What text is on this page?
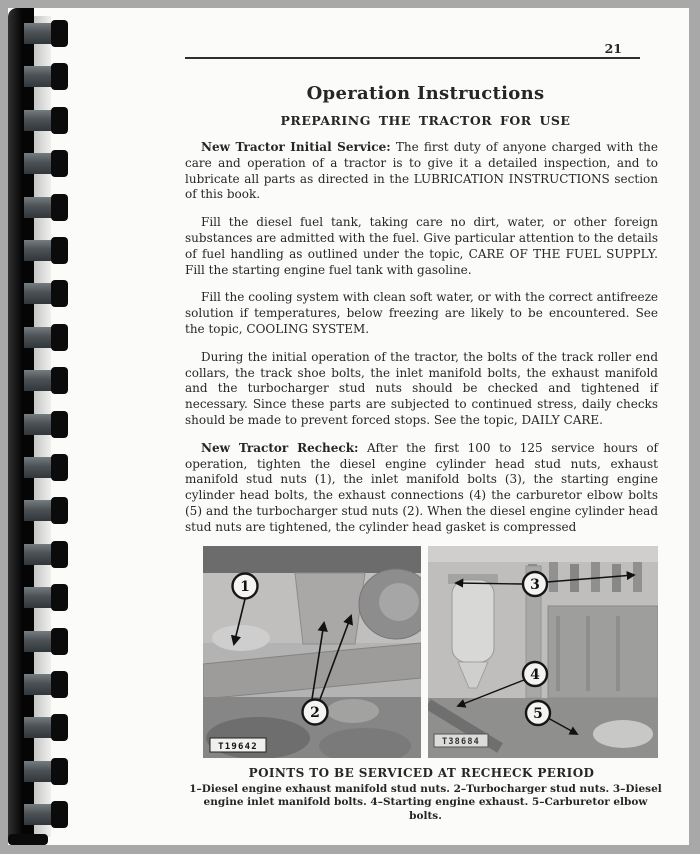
21
Operation Instructions
PREPARING THE TRACTOR FOR USE

New Tractor Initial Service: The first duty of anyone charged with the care and operation of a tractor is to give it a detailed inspection, and to lubricate all parts as directed in the LUBRICATION INSTRUCTIONS section of this book.

Fill the diesel fuel tank, taking care no dirt, water, or other foreign substances are admitted with the fuel. Give particular attention to the details of fuel handling as outlined under the topic, CARE OF THE FUEL SUPPLY. Fill the starting engine fuel tank with gasoline.

Fill the cooling system with clean soft water, or with the correct antifreeze solution if temperatures, below freezing are likely to be encountered. See the topic, COOLING SYSTEM.

During the initial operation of the tractor, the bolts of the track roller end collars, the track shoe bolts, the inlet manifold bolts, the exhaust manifold and the turbocharger stud nuts should be checked and tightened if necessary. Since these parts are subjected to continued stress, daily checks should be made to prevent forced stops. See the topic, DAILY CARE.

New Tractor Recheck: After the first 100 to 125 service hours of operation, tighten the diesel engine cylinder head stud nuts, exhaust manifold stud nuts (1), the inlet manifold bolts (3), the starting engine cylinder head bolts, the exhaust connections (4) the carburetor elbow bolts (5) and the turbocharger stud nuts (2). When the diesel engine cylinder head stud nuts are tightened, the cylinder head gasket is compressed

1
2
T19642
3
4
5
T38684
POINTS TO BE SERVICED AT RECHECK PERIOD
1–Diesel engine exhaust manifold stud nuts. 2–Turbocharger stud nuts. 3–Diesel engine inlet manifold bolts. 4–Starting engine exhaust. 5–Carburetor elbow bolts.
